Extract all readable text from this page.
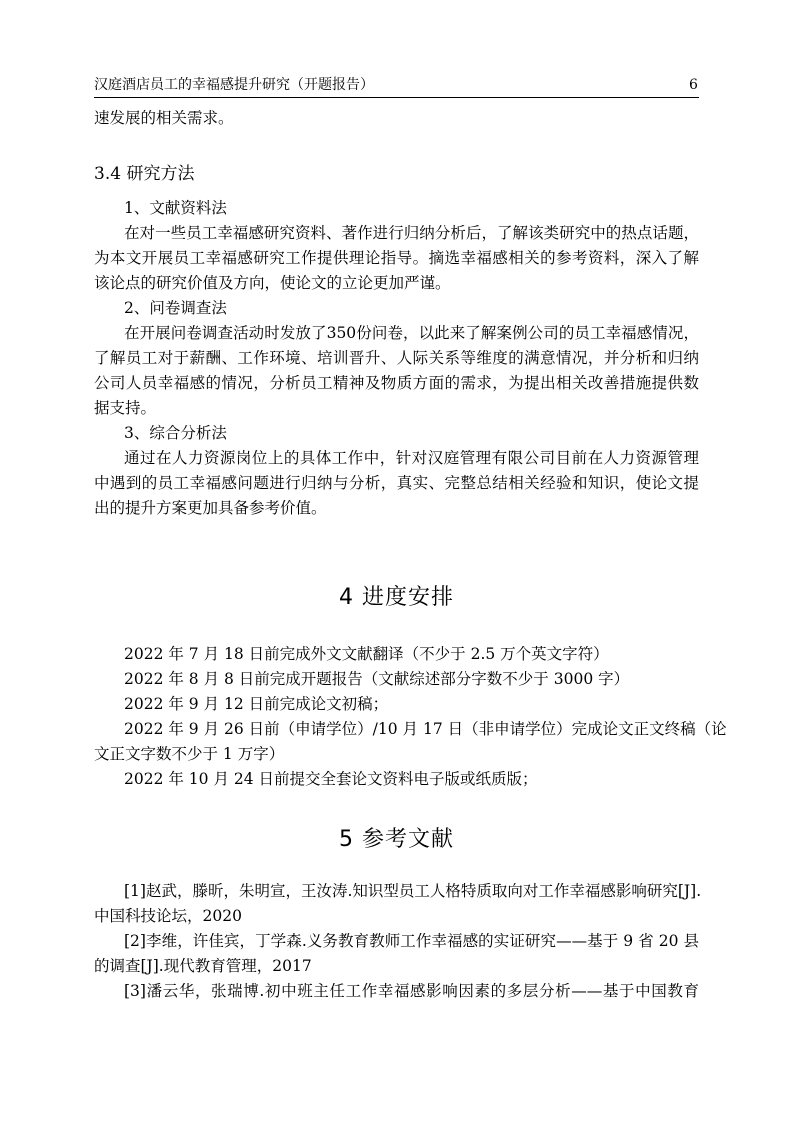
汉庭酒店员工的幸福感提升研究（开题报告）	6
速发展的相关需求。
3.4 研究方法
1、文献资料法
在对一些员工幸福感研究资料、著作进行归纳分析后，了解该类研究中的热点话题，
为本文开展员工幸福感研究工作提供理论指导。摘选幸福感相关的参考资料，深入了解
该论点的研究价值及方向，使论文的立论更加严谨。
2、问卷调查法
在开展问卷调查活动时发放了350份问卷，以此来了解案例公司的员工幸福感情况，
了解员工对于薪酬、工作环境、培训晋升、人际关系等维度的满意情况，并分析和归纳
公司人员幸福感的情况，分析员工精神及物质方面的需求，为提出相关改善措施提供数
据支持。
3、综合分析法
通过在人力资源岗位上的具体工作中，针对汉庭管理有限公司目前在人力资源管理
中遇到的员工幸福感问题进行归纳与分析，真实、完整总结相关经验和知识，使论文提
出的提升方案更加具备参考价值。
4 进度安排
2022 年 7 月 18 日前完成外文文献翻译（不少于 2.5 万个英文字符）
2022 年 8 月 8 日前完成开题报告（文献综述部分字数不少于 3000 字）
2022 年 9 月 12 日前完成论文初稿；
2022 年 9 月 26 日前（申请学位）/10 月 17 日（非申请学位）完成论文正文终稿（论
文正文字数不少于 1 万字）
2022 年 10 月 24 日前提交全套论文资料电子版或纸质版；
5 参考文献
[1]赵武，滕昕，朱明宣，王汝涛.知识型员工人格特质取向对工作幸福感影响研究[J].
中国科技论坛，2020
[2]李维，许佳宾，丁学森.义务教育教师工作幸福感的实证研究——基于 9 省 20 县
的调查[J].现代教育管理，2017
[3]潘云华，张瑞博.初中班主任工作幸福感影响因素的多层分析——基于中国教育
